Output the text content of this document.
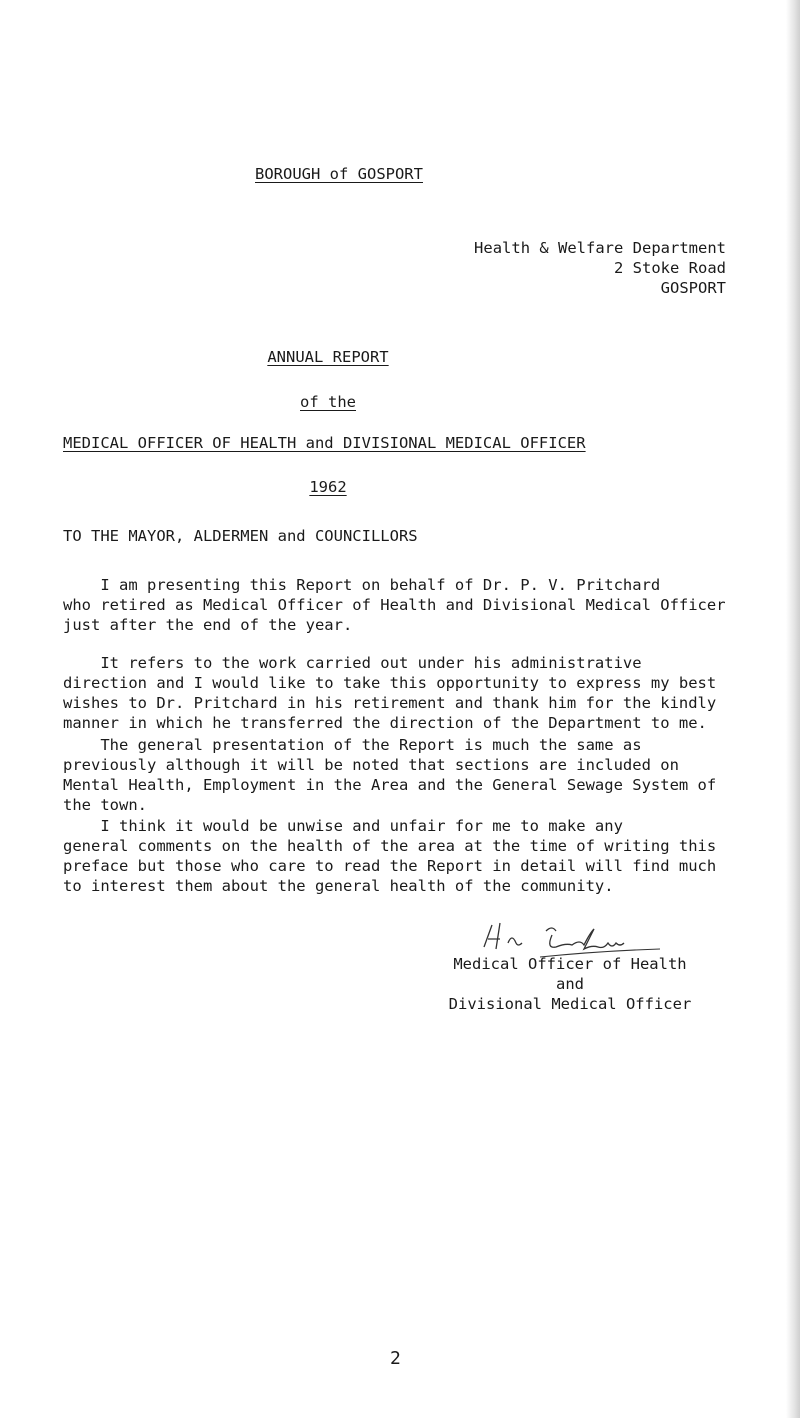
BOROUGH of GOSPORT
Health & Welfare Department
2 Stoke Road
GOSPORT
ANNUAL REPORT
of the
MEDICAL OFFICER OF HEALTH and DIVISIONAL MEDICAL OFFICER
1962
TO THE MAYOR, ALDERMEN and COUNCILLORS
I am presenting this Report on behalf of Dr. P. V. Pritchard
who retired as Medical Officer of Health and Divisional Medical Officer
just after the end of the year.
It refers to the work carried out under his administrative
direction and I would like to take this opportunity to express my best
wishes to Dr. Pritchard in his retirement and thank him for the kindly
manner in which he transferred the direction of the Department to me.
The general presentation of the Report is much the same as
previously although it will be noted that sections are included on
Mental Health, Employment in the Area and the General Sewage System of
the town.
I think it would be unwise and unfair for me to make any
general comments on the health of the area at the time of writing this
preface but those who care to read the Report in detail will find much
to interest them about the general health of the community.
Medical Officer of Health
and
Divisional Medical Officer
2
